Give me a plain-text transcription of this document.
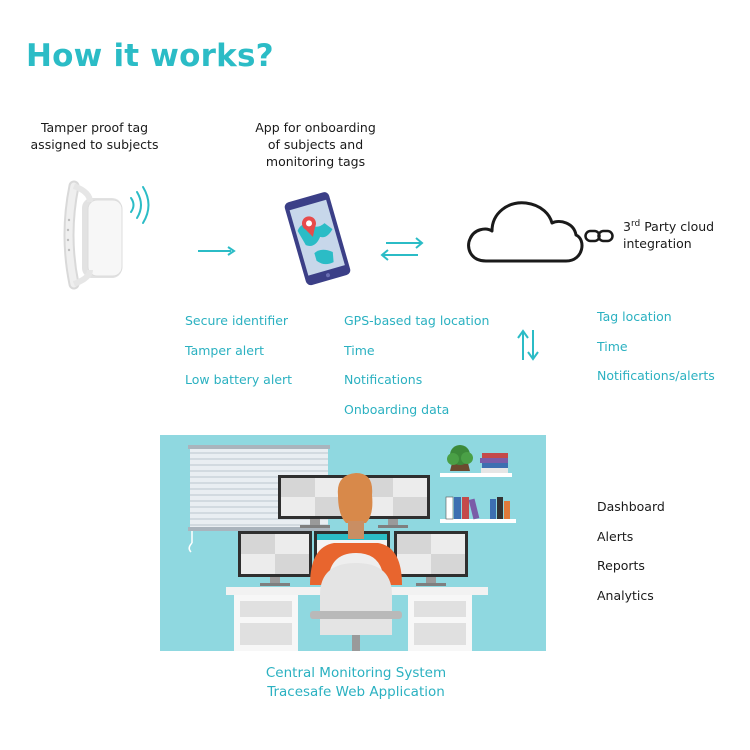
How it works?
Tamper proof tag
assigned to subjects
App for onboarding
of subjects and
monitoring tags
3rd Party cloud
integration
Secure identifier
Tamper alert
Low battery alert
GPS-based tag location
Time
Notifications
Onboarding data
Tag location
Time
Notifications/alerts
Dashboard
Alerts
Reports
Analytics
Central Monitoring System
Tracesafe Web Application
